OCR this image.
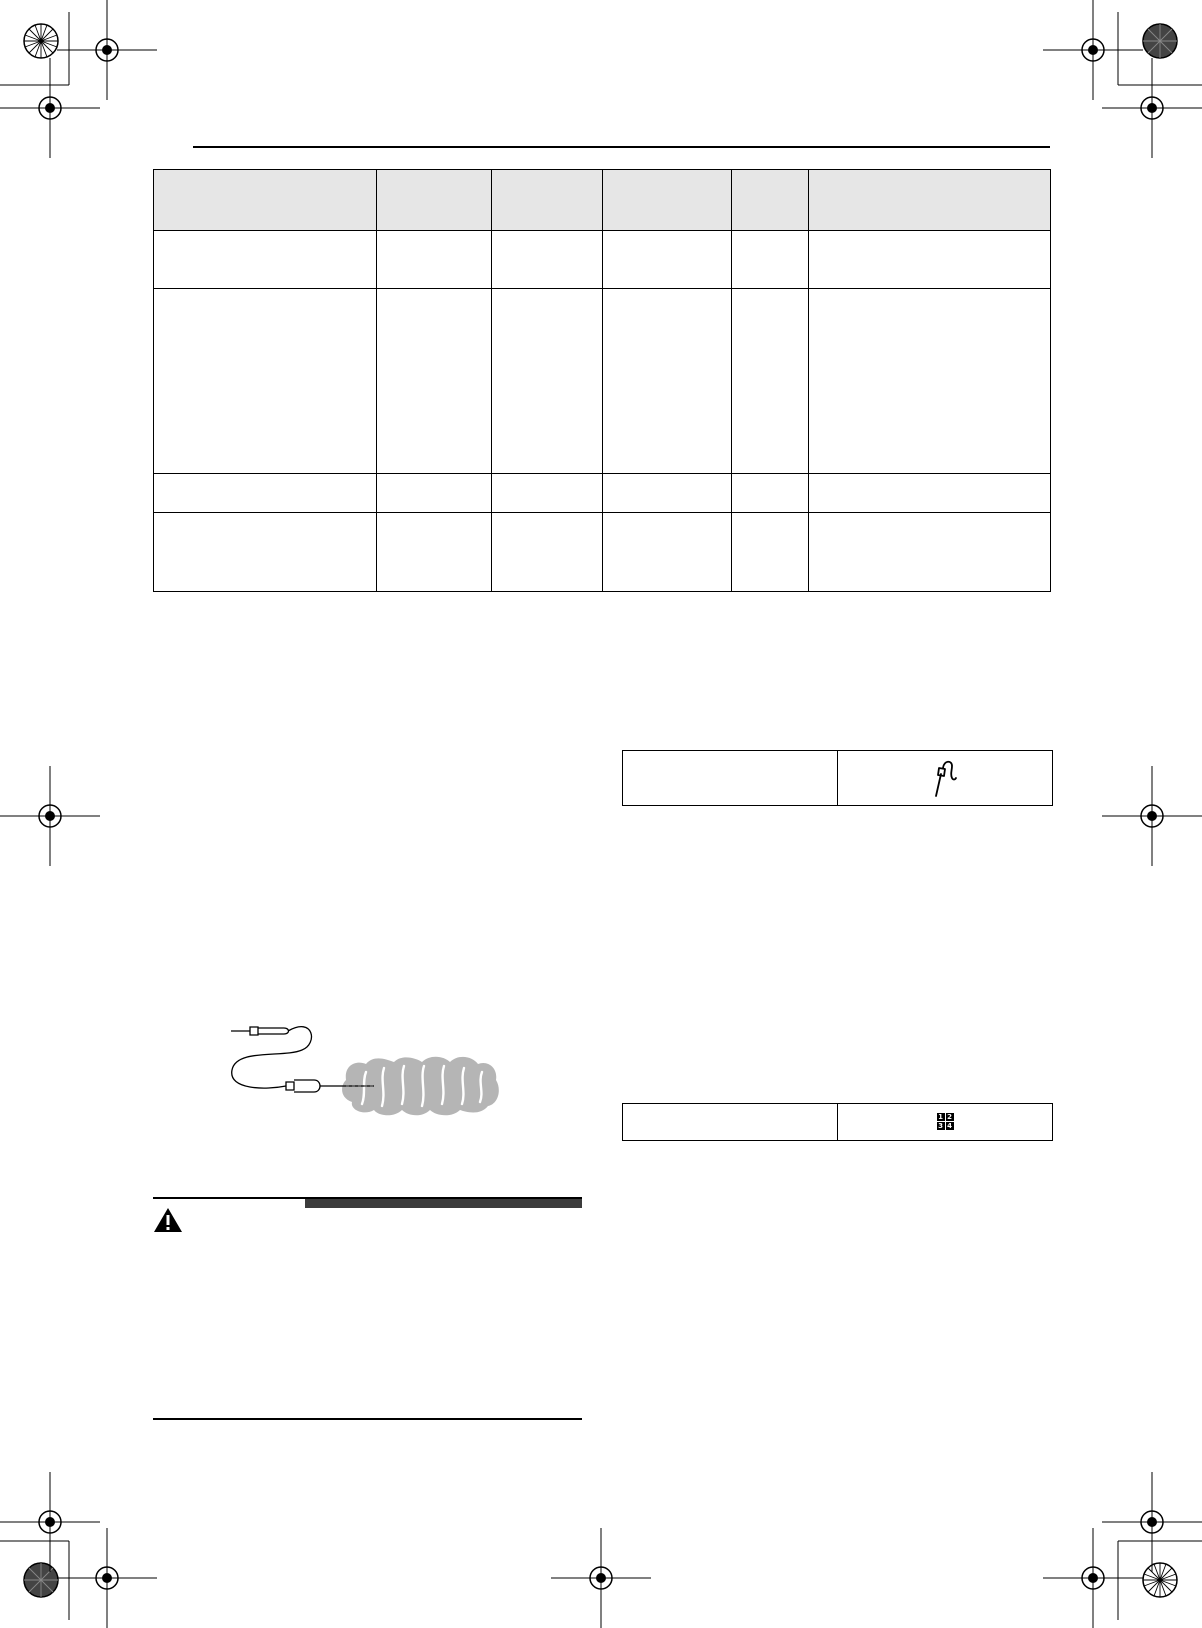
1 2
3 4
